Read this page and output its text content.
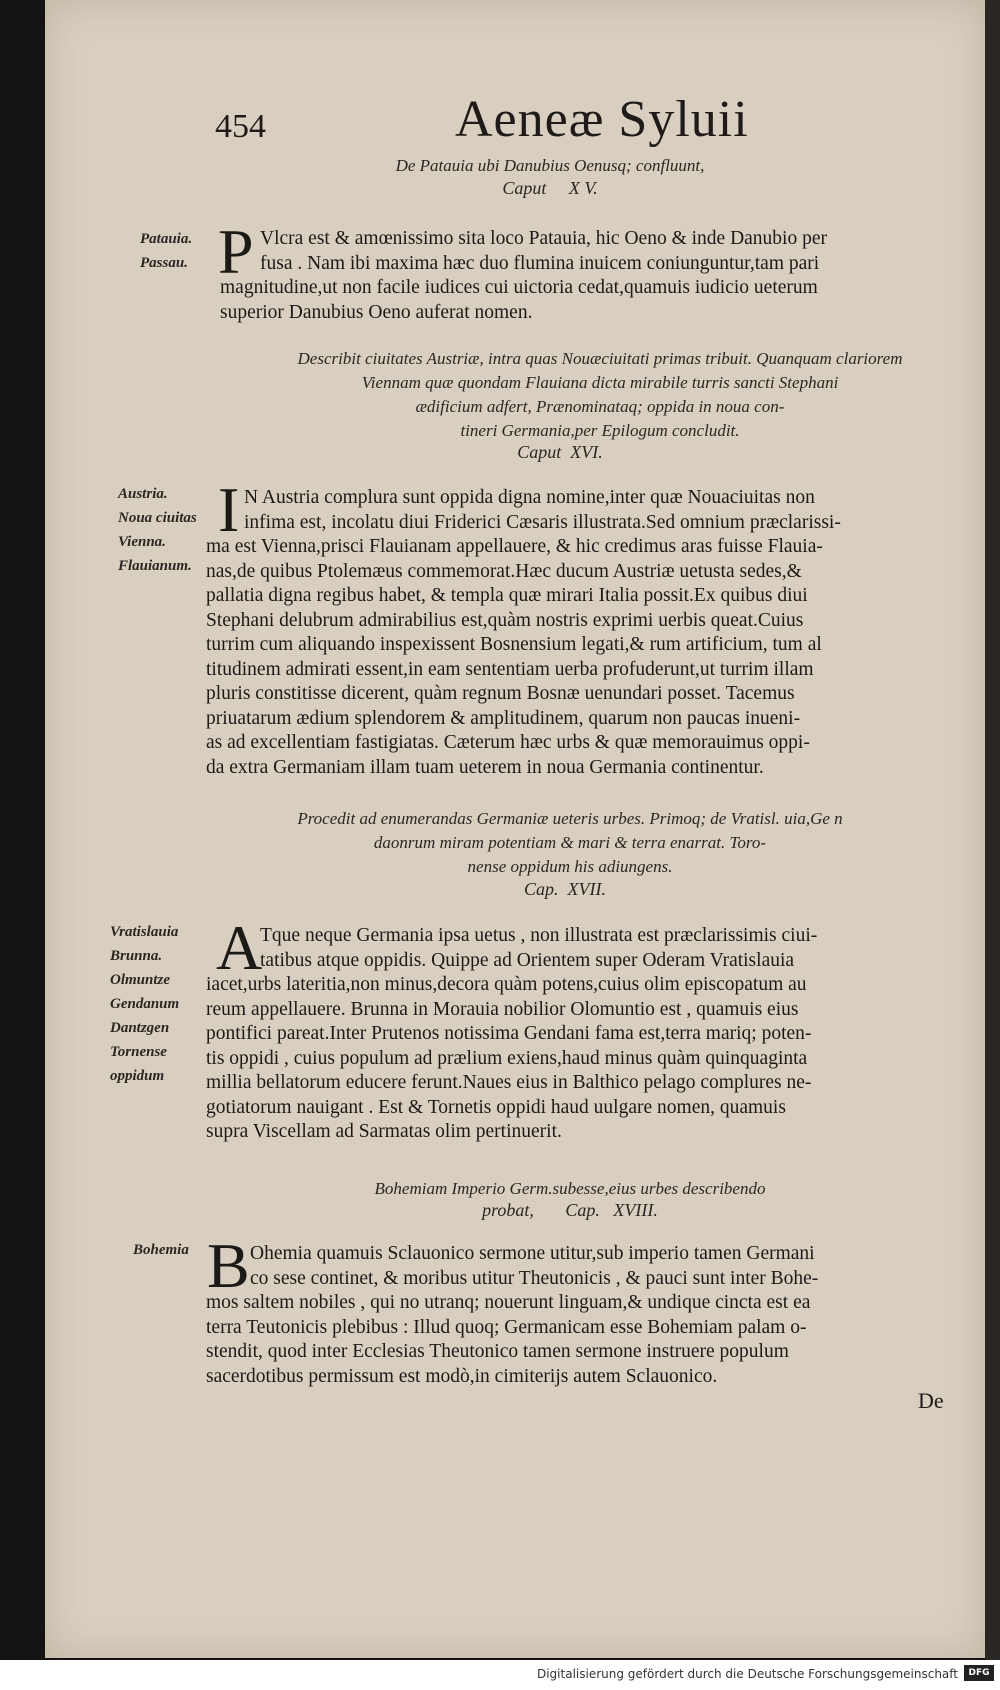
454	Aeneæ Syluii
De Patauia ubi Danubius Oenusq; confluunt,
Caput     X V.
Patauia.
Passau. P Vlcra est & amœnissimo sita loco Patauia, hic Oeno & inde Danubio per
fusa . Nam ibi maxima hæc duo flumina inuicem coniunguntur,tam pari
magnitudine,ut non facile iudices cui uictoria cedat,quamuis iudicio ueterum
superior Danubius Oeno auferat nomen.
Describit ciuitates Austriæ, intra quas Nouæciuitati primas tribuit. Quanquam clariorem
Viennam quæ quondam Flauiana dicta mirabile turris sancti Stephani
ædificium adfert, Prænominataq; oppida in noua con-
tineri Germania,per Epilogum concludit.
Caput  XVI.
Austria.
Noua ciuitas
Vienna.
Flauianum.
I N Austria complura sunt oppida digna nomine,inter quæ Nouaciuitas non
infima est, incolatu diui Friderici Cæsaris illustrata.Sed omnium præclarissi-
ma est Vienna,prisci Flauianam appellauere, & hic credimus aras fuisse Flauia-
nas,de quibus Ptolemæus commemorat.Hæc ducum Austriæ uetusta sedes,&
pallatia digna regibus habet, & templa quæ mirari Italia possit.Ex quibus diui
Stephani delubrum admirabilius est,quàm nostris exprimi uerbis queat.Cuius
turrim cum aliquando inspexissent Bosnensium legati,& rum artificium, tum al
titudinem admirati essent,in eam sententiam uerba profuderunt,ut turrim illam
pluris constitisse dicerent, quàm regnum Bosnæ uenundari posset. Tacemus
priuatarum ædium splendorem & amplitudinem, quarum non paucas inueni-
as ad excellentiam fastigiatas. Cæterum hæc urbs & quæ memorauimus oppi-
da extra Germaniam illam tuam ueterem in noua Germania continentur.
Procedit ad enumerandas Germaniæ ueteris urbes. Primoq; de Vratisl. uia,Ge n
daonrum miram potentiam & mari & terra enarrat. Toro-
nense oppidum his adiungens.
Cap.  XVII.
Vratislauia
Brunna.
Olmuntze
Gendanum
Dantzgen
Tornense
oppidum
A
Tque neque Germania ipsa uetus , non illustrata est præclarissimis ciui-
tatibus atque oppidis. Quippe ad Orientem super Oderam Vratislauia
iacet,urbs lateritia,non minus,decora quàm potens,cuius olim episcopatum au
reum appellauere. Brunna in Morauia nobilior Olomuntio est , quamuis eius
pontifici pareat.Inter Prutenos notissima Gendani fama est,terra mariq; poten-
tis oppidi , cuius populum ad prælium exiens,haud minus quàm quinquaginta
millia bellatorum educere ferunt.Naues eius in Balthico pelago complures ne-
gotiatorum nauigant . Est & Tornetis oppidi haud uulgare nomen, quamuis
supra Viscellam ad Sarmatas olim pertinuerit.
Bohemiam Imperio Germ.subesse,eius urbes describendo
probat,       Cap.   XVIII.
Bohemia B Ohemia quamuis Sclauonico sermone utitur,sub imperio tamen Germani
co sese continet, & moribus utitur Theutonicis , & pauci sunt inter Bohe-
mos saltem nobiles , qui no utranq; nouerunt linguam,& undique cincta est ea
terra Teutonicis plebibus : Illud quoq; Germanicam esse Bohemiam palam o-
stendit, quod inter Ecclesias Theutonico tamen sermone instruere populum
sacerdotibus permissum est modò,in cimiterijs autem Sclauonico.
De
Digitalisierung gefördert durch die Deutsche Forschungsgemeinschaft	DFG
